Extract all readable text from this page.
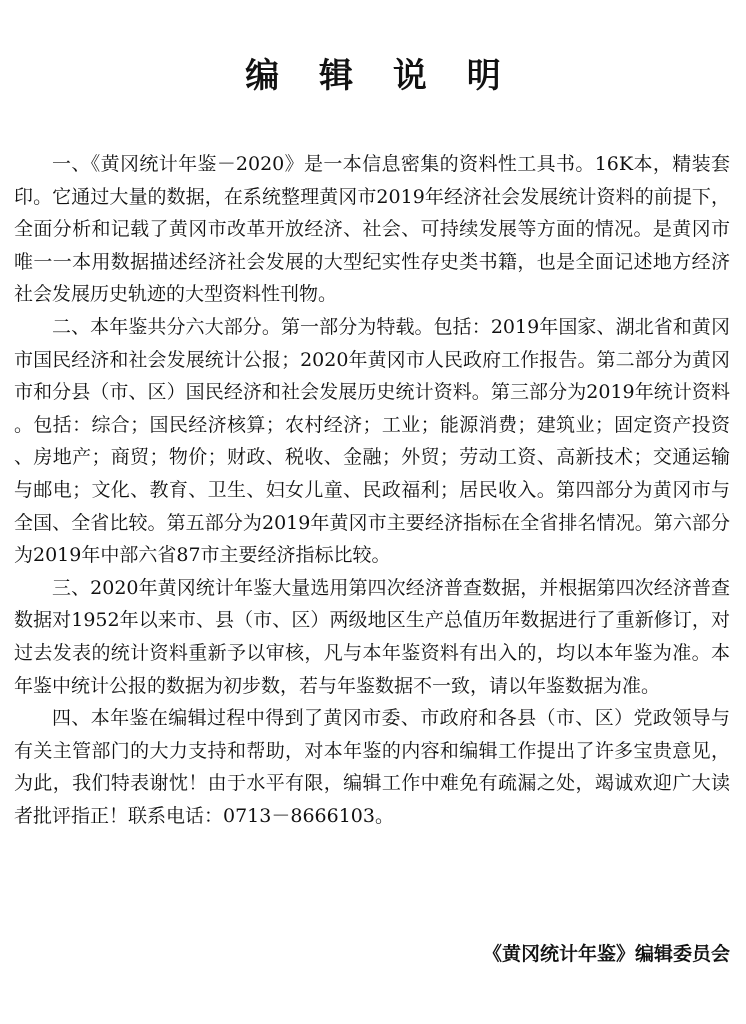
编 辑 说 明

一、《黄冈统计年鉴－2020》是一本信息密集的资料性工具书。16K本，精装套印。它通过大量的数据，在系统整理黄冈市2019年经济社会发展统计资料的前提下，全面分析和记载了黄冈市改革开放经济、社会、可持续发展等方面的情况。是黄冈市唯一一本用数据描述经济社会发展的大型纪实性存史类书籍，也是全面记述地方经济社会发展历史轨迹的大型资料性刊物。

二、本年鉴共分六大部分。第一部分为特载。包括：2019年国家、湖北省和黄冈市国民经济和社会发展统计公报；2020年黄冈市人民政府工作报告。第二部分为黄冈市和分县（市、区）国民经济和社会发展历史统计资料。第三部分为2019年统计资料。包括：综合；国民经济核算；农村经济；工业；能源消费；建筑业；固定资产投资、房地产；商贸；物价；财政、税收、金融；外贸；劳动工资、高新技术；交通运输与邮电；文化、教育、卫生、妇女儿童、民政福利；居民收入。第四部分为黄冈市与全国、全省比较。第五部分为2019年黄冈市主要经济指标在全省排名情况。第六部分为2019年中部六省87市主要经济指标比较。

三、2020年黄冈统计年鉴大量选用第四次经济普查数据，并根据第四次经济普查数据对1952年以来市、县（市、区）两级地区生产总值历年数据进行了重新修订，对过去发表的统计资料重新予以审核，凡与本年鉴资料有出入的，均以本年鉴为准。本年鉴中统计公报的数据为初步数，若与年鉴数据不一致，请以年鉴数据为准。

四、本年鉴在编辑过程中得到了黄冈市委、市政府和各县（市、区）党政领导与有关主管部门的大力支持和帮助，对本年鉴的内容和编辑工作提出了许多宝贵意见，为此，我们特表谢忱！由于水平有限，编辑工作中难免有疏漏之处，竭诚欢迎广大读者批评指正！联系电话：0713－8666103。

《黄冈统计年鉴》编辑委员会
